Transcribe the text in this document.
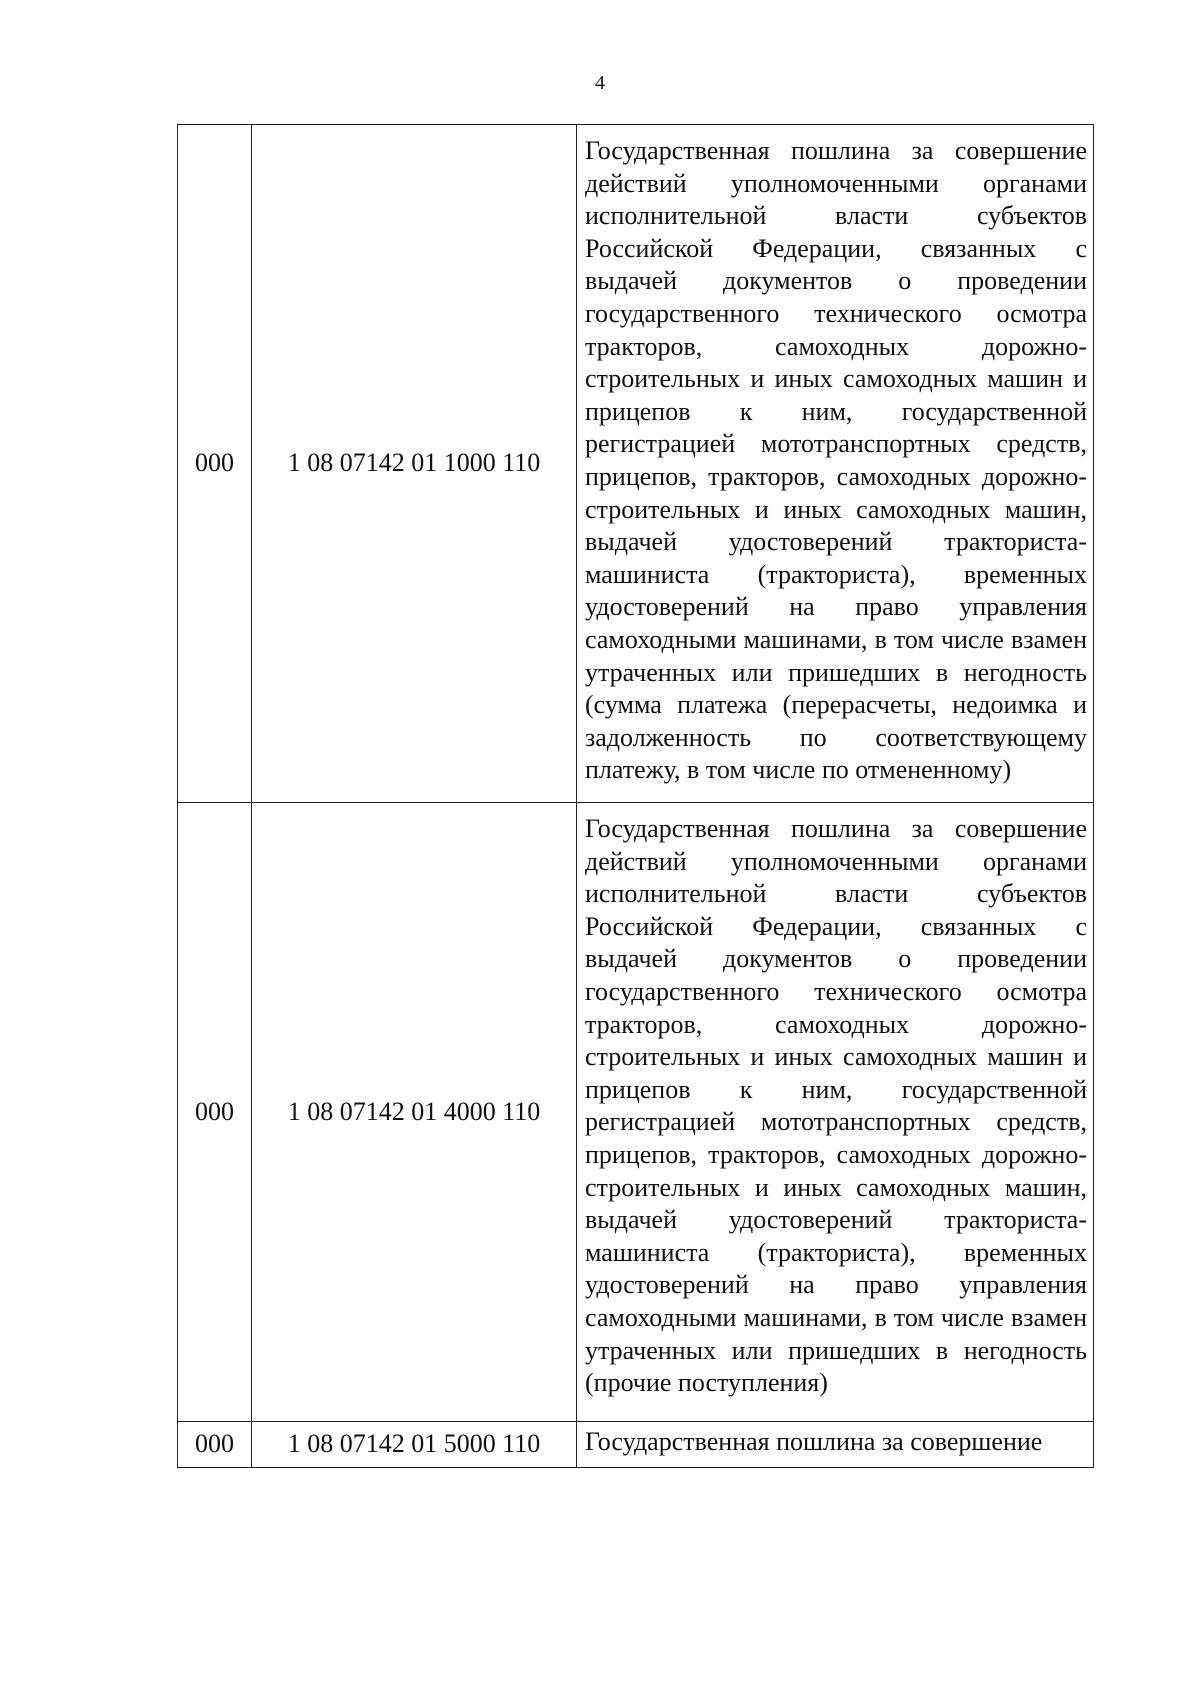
4
000	1 08 07142 01 1000 110	Государственная пошлина за совершение действий уполномоченными органами исполнительной власти субъектов Российской Федерации, связанных с выдачей документов о проведении государственного технического осмотра тракторов, самоходных дорожно-строительных и иных самоходных машин и прицепов к ним, государственной регистрацией мототранспортных средств, прицепов, тракторов, самоходных дорожно-строительных и иных самоходных машин, выдачей удостоверений тракториста-машиниста (тракториста), временных удостоверений на право управления самоходными машинами, в том числе взамен утраченных или пришедших в негодность (сумма платежа (перерасчеты, недоимка и задолженность по соответствующему платежу, в том числе по отмененному)

000	1 08 07142 01 4000 110	Государственная пошлина за совершение действий уполномоченными органами исполнительной власти субъектов Российской Федерации, связанных с выдачей документов о проведении государственного технического осмотра тракторов, самоходных дорожно-строительных и иных самоходных машин и прицепов к ним, государственной регистрацией мототранспортных средств, прицепов, тракторов, самоходных дорожно-строительных и иных самоходных машин, выдачей удостоверений тракториста-машиниста (тракториста), временных удостоверений на право управления самоходными машинами, в том числе взамен утраченных или пришедших в негодность (прочие поступления)

000	1 08 07142 01 5000 110	Государственная пошлина за совершение
